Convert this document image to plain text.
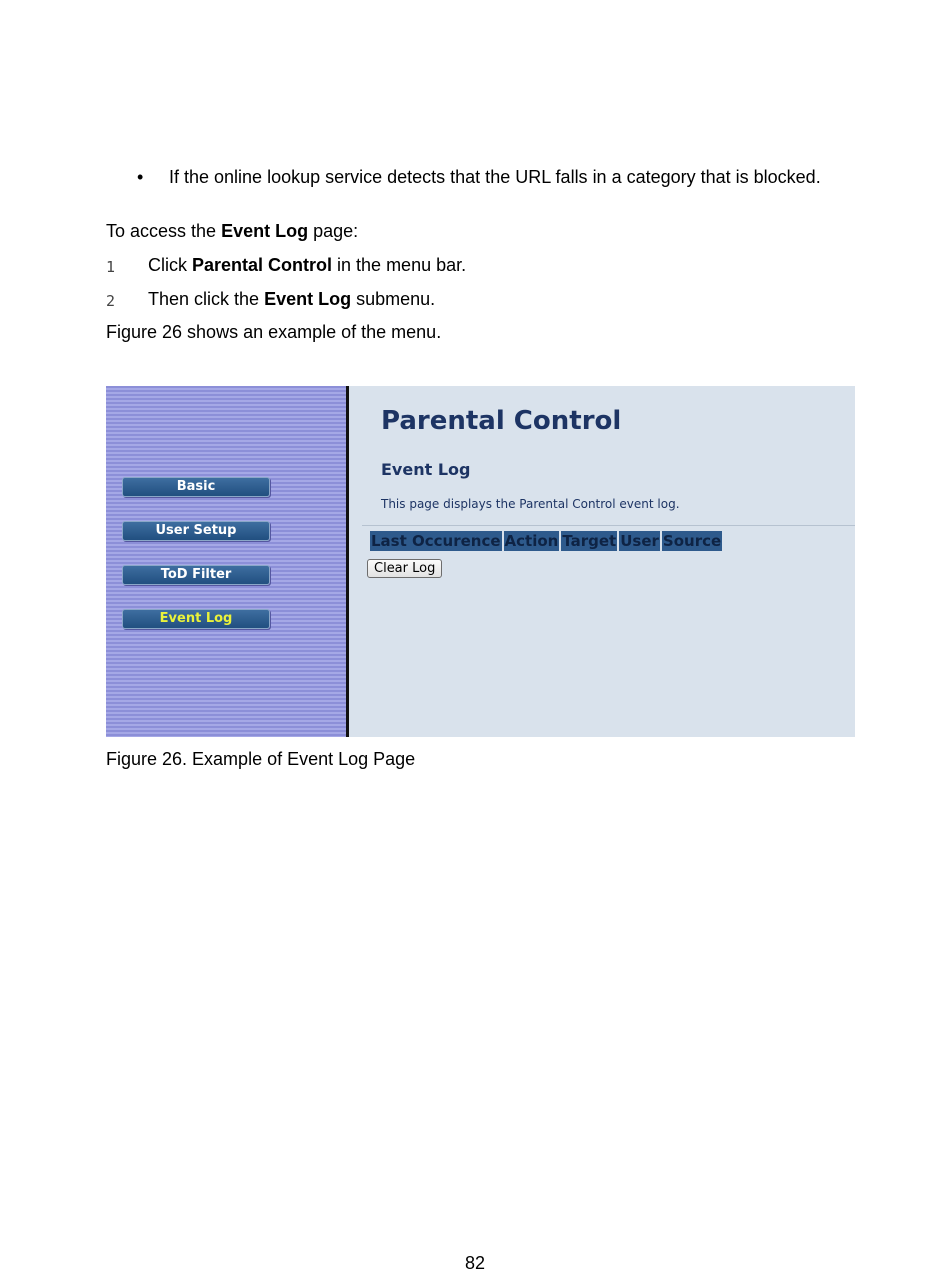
• If the online lookup service detects that the URL falls in a category that is blocked.

To access the Event Log page:

1 Click Parental Control in the menu bar.

2 Then click the Event Log submenu.

Figure 26 shows an example of the menu.

Basic
User Setup
ToD Filter
Event Log
Parental Control
Event Log
This page displays the Parental Control event log.
Last Occurence	Action	Target	User	Source
Clear Log

Figure 26. Example of Event Log Page

82
